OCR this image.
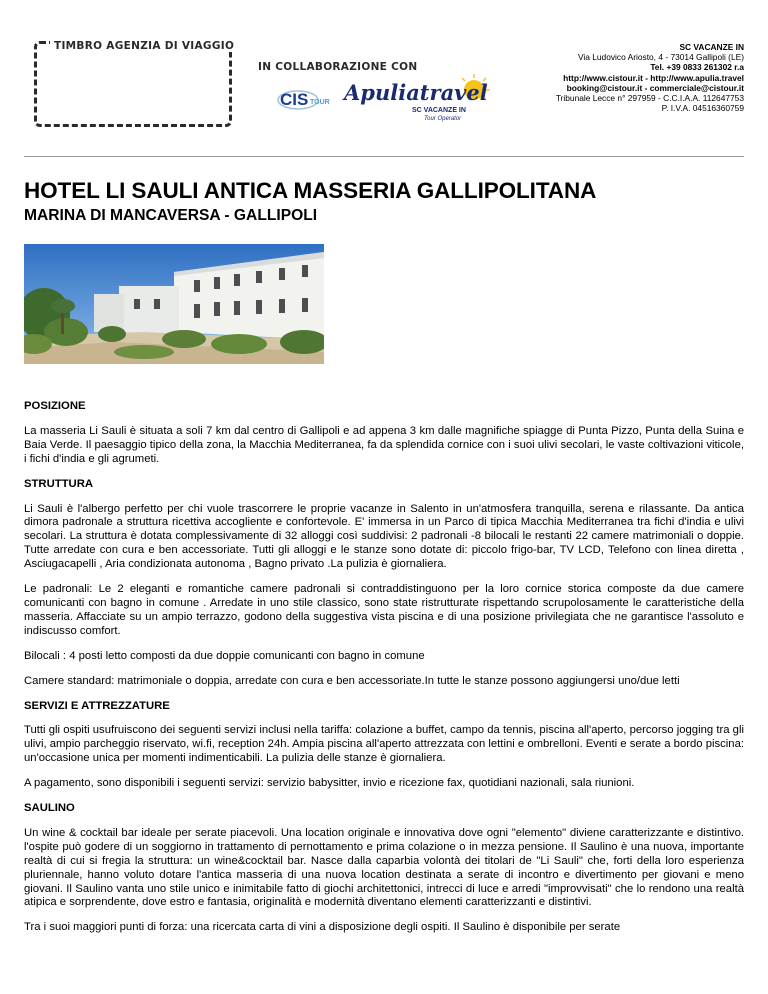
TIMBRO AGENZIA DI VIAGGIO
IN COLLABORAZIONE CON
CIS TOUR Apuliatravel
SC VACANZE IN
Tour Operator
SC VACANZE IN
Via Ludovico Ariosto, 4 - 73014 Gallipoli (LE)
Tel. +39 0833 261302 r.a
http://www.cistour.it - http://www.apulia.travel
booking@cistour.it - commerciale@cistour.it
Tribunale Lecce n° 297959 - C.C.I.A.A. 112647753
P. I.V.A. 04516360759
HOTEL LI SAULI ANTICA MASSERIA GALLIPOLITANA
MARINA DI MANCAVERSA - GALLIPOLI
POSIZIONE

La masseria Li Sauli è situata a soli 7 km dal centro di Gallipoli e ad appena 3 km dalle magnifiche spiagge di Punta Pizzo, Punta della Suina e Baia Verde. Il paesaggio tipico della zona, la Macchia Mediterranea, fa da splendida cornice con i suoi ulivi secolari, le vaste coltivazioni viticole, i fichi d'india e gli agrumeti.

STRUTTURA

Li Sauli è l'albergo perfetto per chi vuole trascorrere le proprie vacanze in Salento in un'atmosfera tranquilla, serena e rilassante. Da antica dimora padronale a struttura ricettiva accogliente e confortevole. E' immersa in un Parco di tipica Macchia Mediterranea tra fichi d'india e ulivi secolari. La struttura è dotata complessivamente di 32 alloggi così suddivisi: 2 padronali -8 bilocali le restanti 22 camere matrimoniali o doppie. Tutte arredate con cura e ben accessoriate. Tutti gli alloggi e le stanze sono dotate di: piccolo frigo-bar, TV LCD, Telefono con linea diretta , Asciugacapelli , Aria condizionata autonoma , Bagno privato .La pulizia è giornaliera.

Le padronali: Le 2 eleganti e romantiche camere padronali si contraddistinguono per la loro cornice storica composte da due camere comunicanti con bagno in comune . Arredate in uno stile classico, sono state ristrutturate rispettando scrupolosamente le caratteristiche della masseria. Affacciate su un ampio terrazzo, godono della suggestiva vista piscina e di una posizione privilegiata che ne garantisce l'assoluto e indiscusso comfort.

Bilocali : 4 posti letto composti da due doppie comunicanti con bagno in comune

Camere standard: matrimoniale o doppia, arredate con cura e ben accessoriate.In tutte le stanze possono aggiungersi uno/due letti

SERVIZI E ATTREZZATURE

Tutti gli ospiti usufruiscono dei seguenti servizi inclusi nella tariffa: colazione a buffet, campo da tennis, piscina all'aperto, percorso jogging tra gli ulivi, ampio parcheggio riservato, wi.fi, reception 24h. Ampia piscina all'aperto attrezzata con lettini e ombrelloni. Eventi e serate a bordo piscina: un'occasione unica per momenti indimenticabili. La pulizia delle stanze è giornaliera.

A pagamento, sono disponibili i seguenti servizi: servizio babysitter, invio e ricezione fax, quotidiani nazionali, sala riunioni.

SAULINO

Un wine & cocktail bar ideale per serate piacevoli. Una location originale e innovativa dove ogni "elemento" diviene caratterizzante e distintivo. l'ospite può godere di un soggiorno in trattamento di pernottamento e prima colazione o in mezza pensione. Il Saulino è una nuova, importante realtà di cui si fregia la struttura: un wine&cocktail bar. Nasce dalla caparbia volontà dei titolari de "Li Sauli" che, forti della loro esperienza pluriennale, hanno voluto dotare l'antica masseria di una nuova location destinata a serate di incontro e divertimento per giovani e meno giovani. Il Saulino vanta uno stile unico e inimitabile fatto di giochi architettonici, intrecci di luce e arredi "improvvisati" che lo rendono una realtà atipica e sorprendente, dove estro e fantasia, originalità e modernità diventano elementi caratterizzanti e distintivi.

Tra i suoi maggiori punti di forza: una ricercata carta di vini a disposizione degli ospiti. Il Saulino è disponibile per serate
